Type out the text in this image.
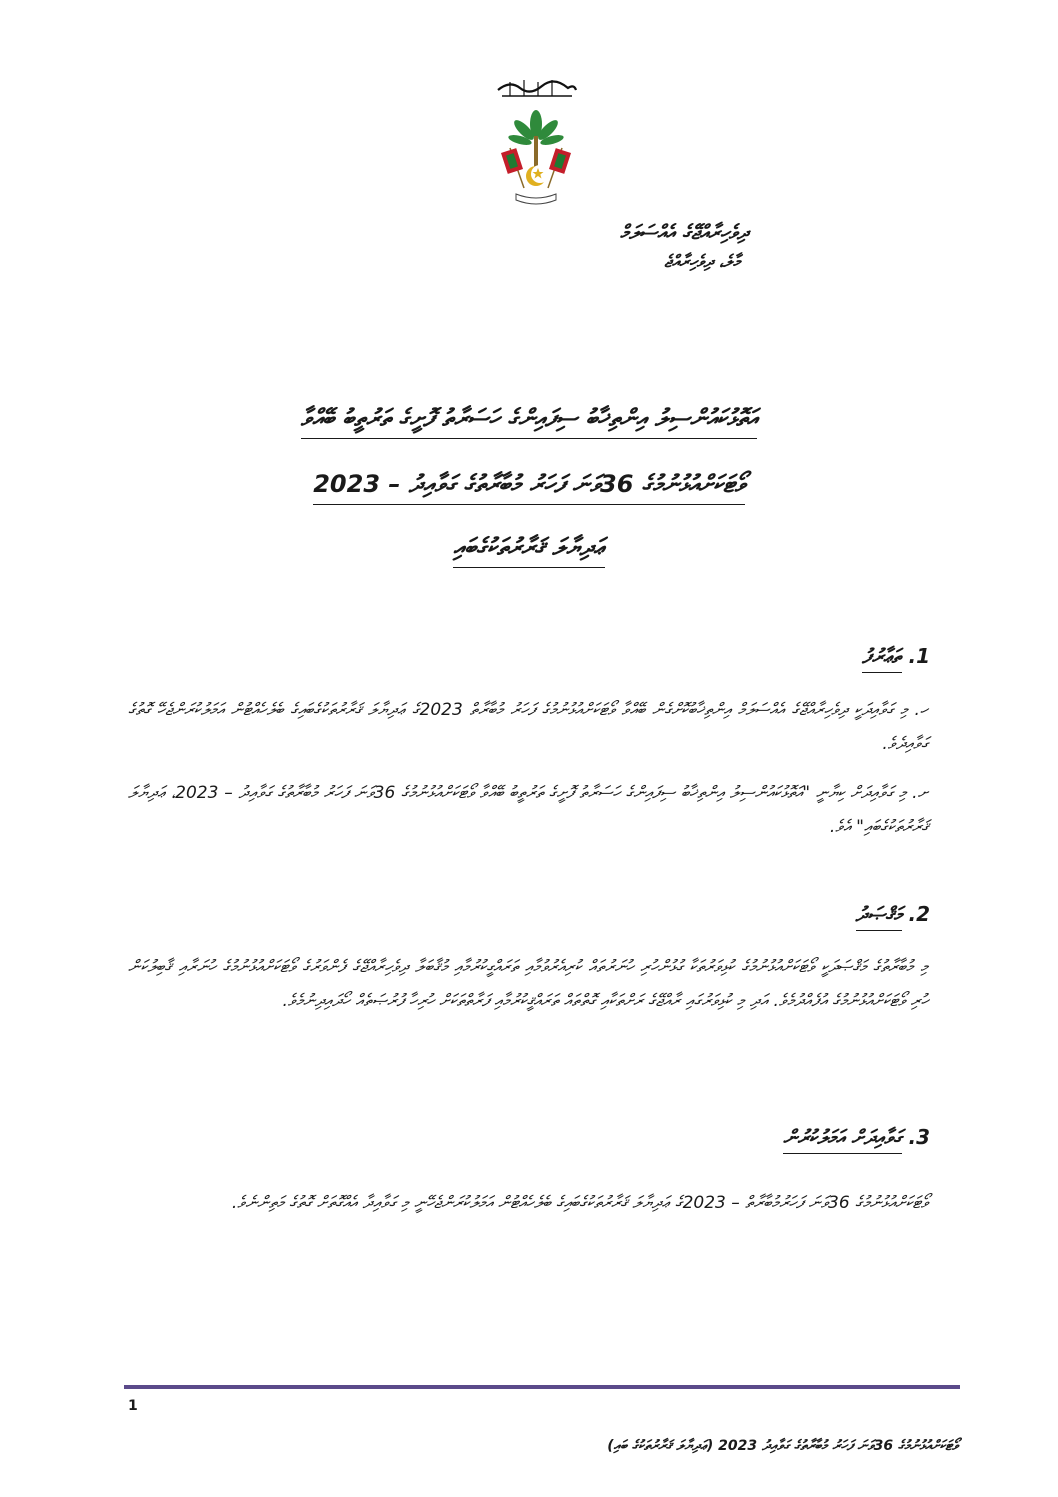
ދިވެހިރާއްޖޭގެ އެއްސަލަމް
މާލެ، ދިވެހިރާއްޖެ
އަތޮޅުކައުންސިލު އިންތިޚާބު ސިފައިންގެ ހަސަރާތު ފޮށީގެ ތަރުތީބު ބޭއްވާ
ވޯޓަކަށްއުޅުނުމުގެ 36ވަނަ ފަހަރު މުބާރާތުގެ ގަވާއިދު – 2023
ޢަދިޔާލަ ޤަރާރުތަކުގެބައި
1. ތަޢާރުފު
ހ. މި ގަވާއިދަކީ ދިވެހިރާއްޖޭގެ އެއްސަލަމް އިންތިޚާބުކޮށްގެން ބޭއްވާ ވޯޓަކަށްއުޅުނުމުގެ ފަހަރު މުބާރާތް 2023ގެ ޢަދިޔާލަ ޤަރާރުތަކުގެބައިގެ ބެލެހެއްޓުން އަމަލުކުރަންޖެހޭ ގޮތުގެ ގަވާއިދެވެ.
ށ. މި ގަވާއިދަށް ކިޔާނީ "އަތޮޅުކައުންސިލު އިންތިޚާބު ސިފައިންގެ ހަސަރާތު ފޮށީގެ ތަރުތީބު ބޭއްވާ ވޯޓަކަށްއުޅުނުމުގެ 36ވަނަ ފަހަރު މުބާރާތުގެ ގަވާއިދު – 2023، ޢަދިޔާލަ ޤަރާރުތަކުގެބައި" އެވެ.
2. މަޤްޞަދު
މި މުބާރާތުގެ މަޤްޞަދަކީ ވޯޓަކަށްއުޅުނުމުގެ ކުޅިވަރުތަކާ ގުޅުންހުރި ހުނަރުތައް ކުރިއެރުވުމާއި ތަރައްގީކުރުމާއި މުޤާބަލާ ދިވެހިރާއްޖޭގެ ފެންވަރުގެ ވޯޓަކަށްއުޅުނުމުގެ ހުނަރާއި ޤާބިލުކަން ހުރި ވޯޓަކަށްއުޅުނުމުގެ އުފެއްދުމެވެ. އަދި މި ކުޅިވަރުގައި ރާއްޖޭގެ ރަށްތަކާއި ގޮތްތައް ތަރައްޤީކުރުމާއި ފަރާތްތަކަށް ހުރިހާ ފުރުޞަތެއް ހޯދައިދިނުމެވެ.
3. ގަވާއިދަށް އަމަލުކުރުން
ވޯޓަކަށްއުޅުނުމުގެ 36ވަނަ ފަހަރުމުބާރާތް – 2023ގެ ޢަދިޔާލަ ޤަރާރުތަކުގެބައިގެ ބެލެހެއްޓުން އަމަލުކުރަންޖެހޭނީ މި ގަވާއިދާ އެއްގޮތަށް ގޮތުގެ މަތިންނެވެ.
1
ވޯޓަކަށްއުޅުނުމުގެ 36ވަނަ ފަހަރު މުބާރާތުގެ ގަވާއިދު 2023 (ޢަދިޔާލަ ޤަރާރުތަކުގެ ބައި)
